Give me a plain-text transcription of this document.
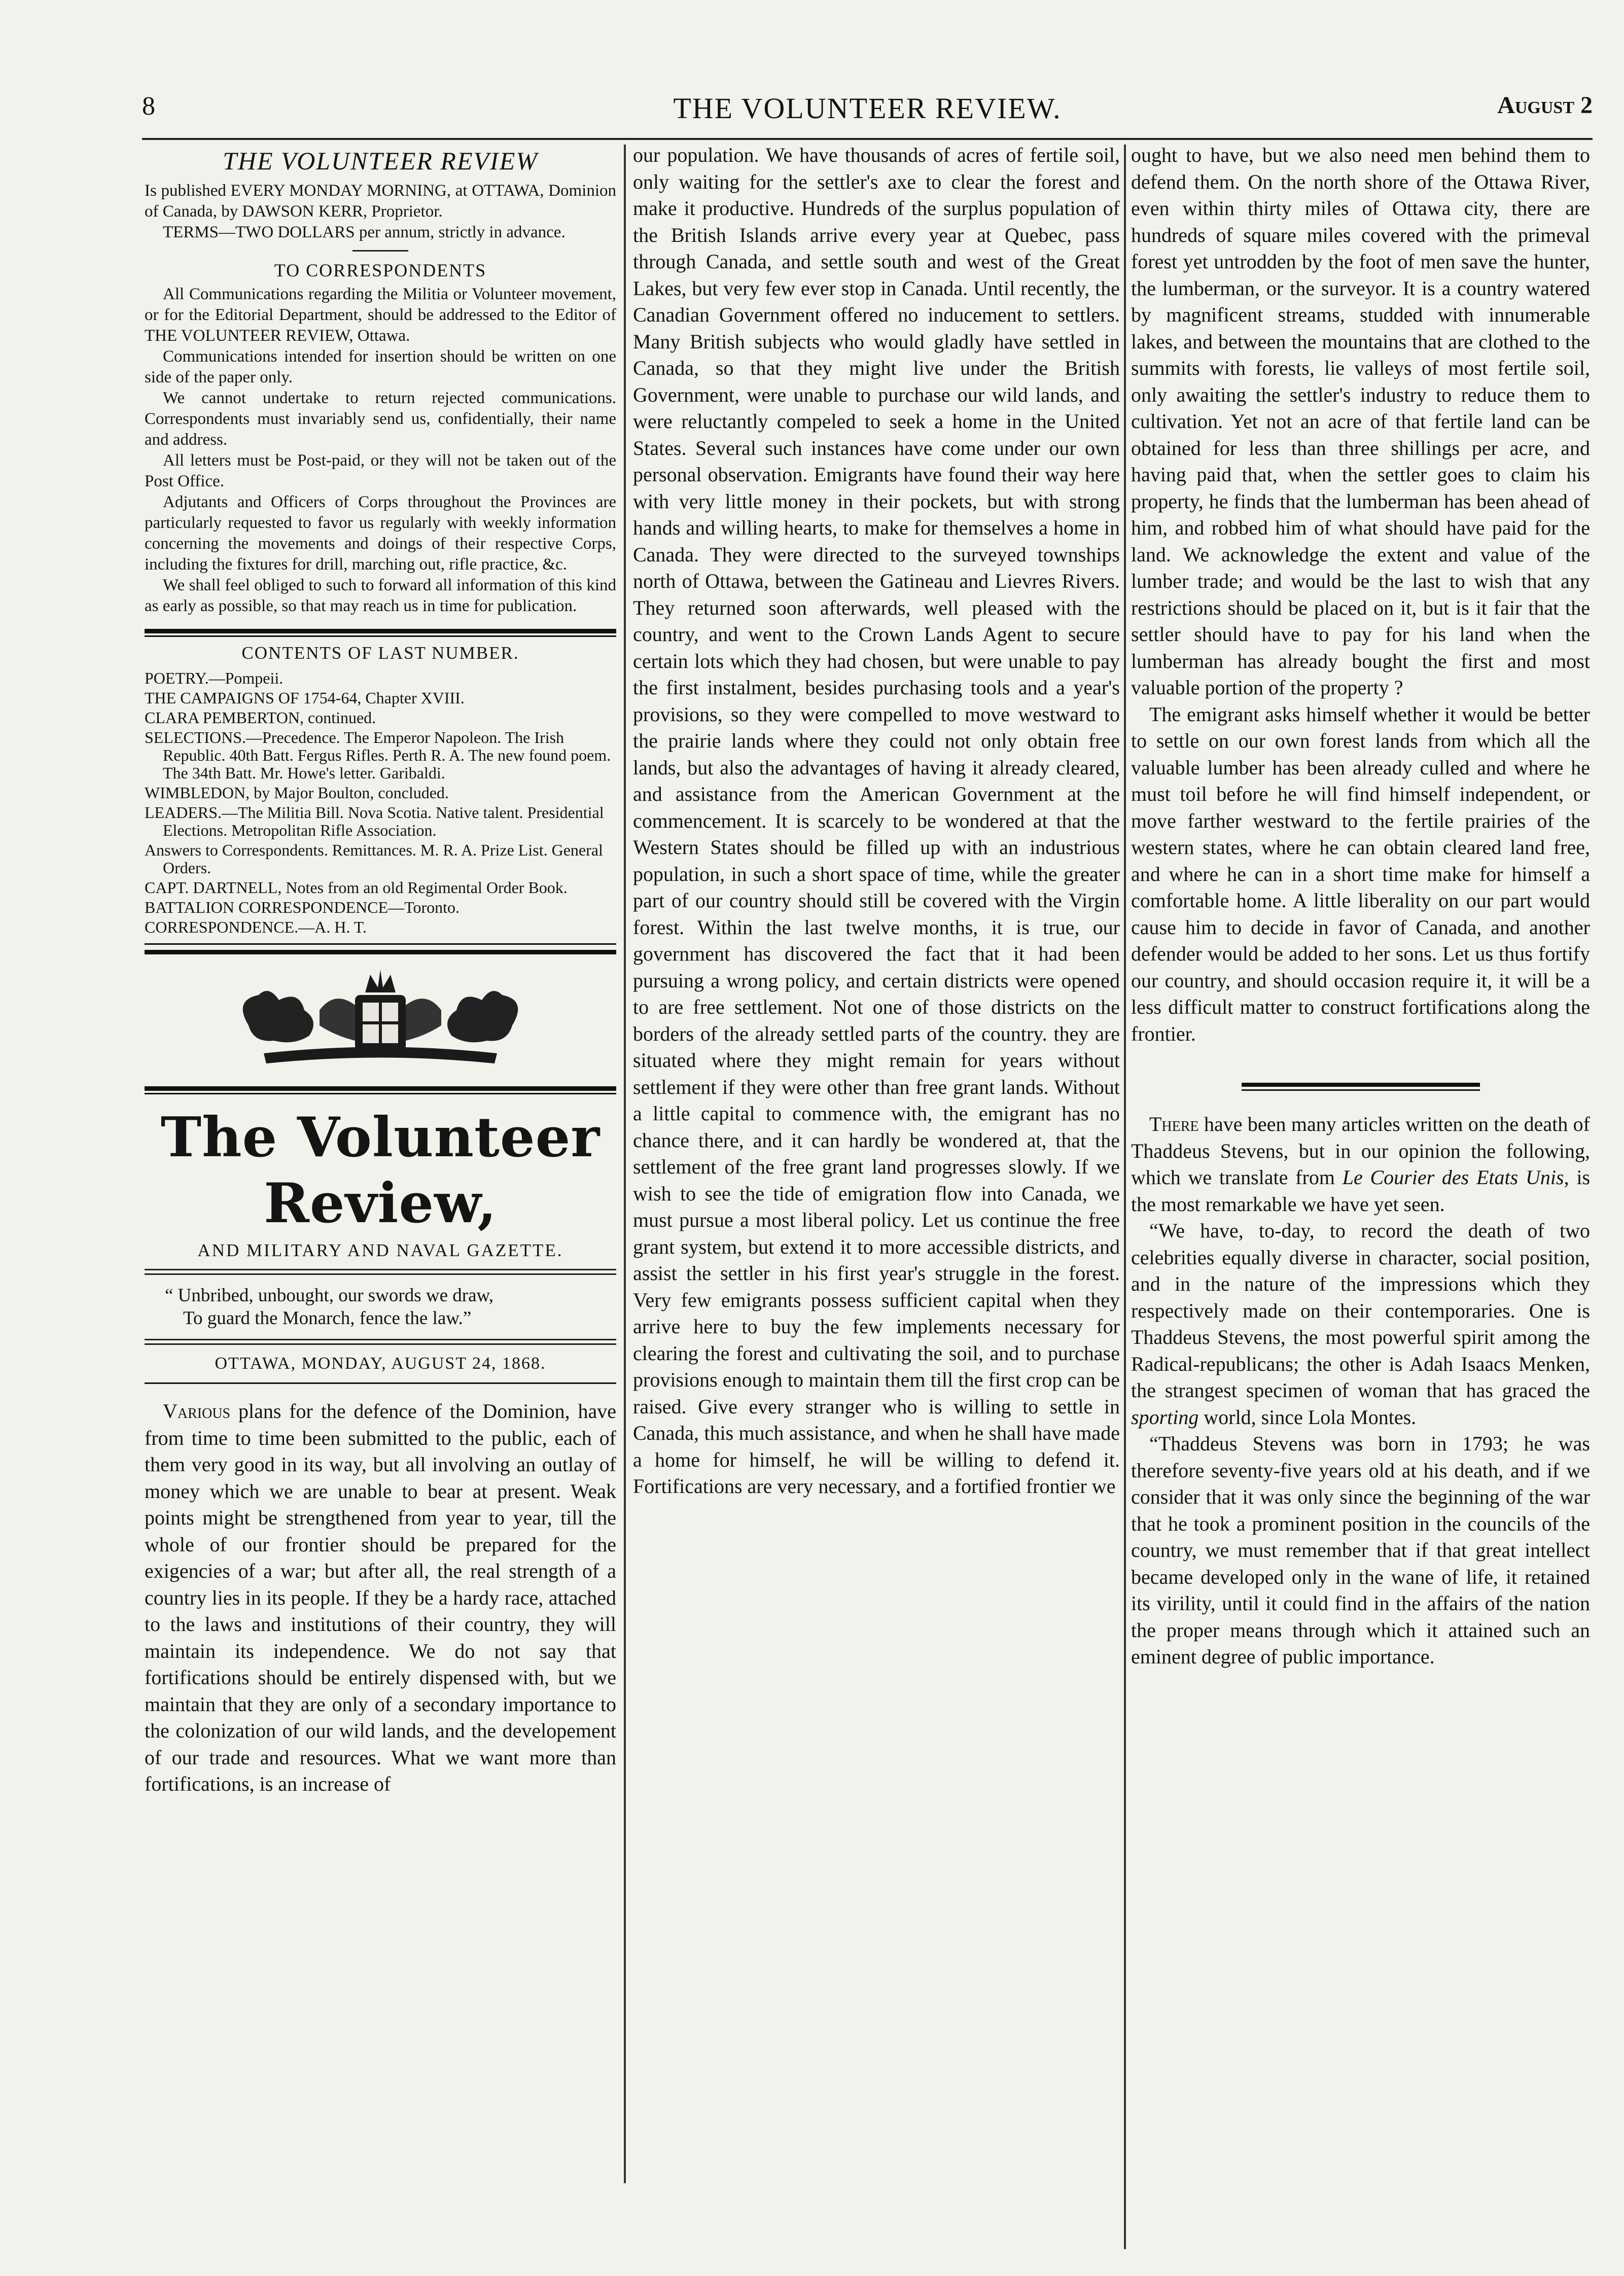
8	THE VOLUNTEER REVIEW.	August 2
THE VOLUNTEER REVIEW

Is published EVERY MONDAY MORNING, at OTTAWA, Dominion of Canada, by DAWSON KERR, Proprietor.

TERMS—TWO DOLLARS per annum, strictly in advance.

TO CORRESPONDENTS

All Communications regarding the Militia or Volunteer movement, or for the Editorial Department, should be addressed to the Editor of THE VOLUNTEER REVIEW, Ottawa.

Communications intended for insertion should be written on one side of the paper only.

We cannot undertake to return rejected communications. Correspondents must invariably send us, confidentially, their name and address.

All letters must be Post-paid, or they will not be taken out of the Post Office.

Adjutants and Officers of Corps throughout the Provinces are particularly requested to favor us regularly with weekly information concerning the movements and doings of their respective Corps, including the fixtures for drill, marching out, rifle practice, &c.

We shall feel obliged to such to forward all information of this kind as early as possible, so that may reach us in time for publication.

CONTENTS OF LAST NUMBER.
POETRY.—Pompeii.
THE CAMPAIGNS OF 1754-64, Chapter XVIII.
CLARA PEMBERTON, continued.
SELECTIONS.—Precedence. The Emperor Napoleon. The Irish Republic. 40th Batt. Fergus Rifles. Perth R. A. The new found poem. The 34th Batt. Mr. Howe's letter. Garibaldi.
WIMBLEDON, by Major Boulton, concluded.
LEADERS.—The Militia Bill. Nova Scotia. Native talent. Presidential Elections. Metropolitan Rifle Association.
Answers to Correspondents. Remittances. M. R. A. Prize List. General Orders.
CAPT. DARTNELL, Notes from an old Regimental Order Book.
BATTALION CORRESPONDENCE—Toronto.
CORRESPONDENCE.—A. H. T.
The Volunteer Review,
AND MILITARY AND NAVAL GAZETTE.
“ Unbribed, unbought, our swords we draw,
To guard the Monarch, fence the law.”
OTTAWA, MONDAY, AUGUST 24, 1868.

Various plans for the defence of the Dominion, have from time to time been submitted to the public, each of them very good in its way, but all involving an outlay of money which we are unable to bear at present. Weak points might be strengthened from year to year, till the whole of our frontier should be prepared for the exigencies of a war; but after all, the real strength of a country lies in its people. If they be a hardy race, attached to the laws and institutions of their country, they will maintain its independence. We do not say that fortifications should be entirely dispensed with, but we maintain that they are only of a secondary importance to the colonization of our wild lands, and the developement of our trade and resources. What we want more than fortifications, is an increase of

our population. We have thousands of acres of fertile soil, only waiting for the settler's axe to clear the forest and make it productive. Hundreds of the surplus population of the British Islands arrive every year at Quebec, pass through Canada, and settle south and west of the Great Lakes, but very few ever stop in Canada. Until recently, the Canadian Government offered no inducement to settlers. Many British subjects who would gladly have settled in Canada, so that they might live under the British Government, were unable to purchase our wild lands, and were reluctantly compeled to seek a home in the United States. Several such instances have come under our own personal observation. Emigrants have found their way here with very little money in their pockets, but with strong hands and willing hearts, to make for themselves a home in Canada. They were directed to the surveyed townships north of Ottawa, between the Gatineau and Lievres Rivers. They returned soon afterwards, well pleased with the country, and went to the Crown Lands Agent to secure certain lots which they had chosen, but were unable to pay the first instalment, besides purchasing tools and a year's provisions, so they were compelled to move westward to the prairie lands where they could not only obtain free lands, but also the advantages of having it already cleared, and assistance from the American Government at the commencement. It is scarcely to be wondered at that the Western States should be filled up with an industrious population, in such a short space of time, while the greater part of our country should still be covered with the Virgin forest. Within the last twelve months, it is true, our government has discovered the fact that it had been pursuing a wrong policy, and certain districts were opened to are free settlement. Not one of those districts on the borders of the already settled parts of the country. they are situated where they might remain for years without settlement if they were other than free grant lands. Without a little capital to commence with, the emigrant has no chance there, and it can hardly be wondered at, that the settlement of the free grant land progresses slowly. If we wish to see the tide of emigration flow into Canada, we must pursue a most liberal policy. Let us continue the free grant system, but extend it to more accessible districts, and assist the settler in his first year's struggle in the forest. Very few emigrants possess sufficient capital when they arrive here to buy the few implements necessary for clearing the forest and cultivating the soil, and to purchase provisions enough to maintain them till the first crop can be raised. Give every stranger who is willing to settle in Canada, this much assistance, and when he shall have made a home for himself, he will be willing to defend it. Fortifications are very necessary, and a fortified frontier we

ought to have, but we also need men behind them to defend them. On the north shore of the Ottawa River, even within thirty miles of Ottawa city, there are hundreds of square miles covered with the primeval forest yet untrodden by the foot of men save the hunter, the lumberman, or the surveyor. It is a country watered by magnificent streams, studded with innumerable lakes, and between the mountains that are clothed to the summits with forests, lie valleys of most fertile soil, only awaiting the settler's industry to reduce them to cultivation. Yet not an acre of that fertile land can be obtained for less than three shillings per acre, and having paid that, when the settler goes to claim his property, he finds that the lumberman has been ahead of him, and robbed him of what should have paid for the land. We acknowledge the extent and value of the lumber trade; and would be the last to wish that any restrictions should be placed on it, but is it fair that the settler should have to pay for his land when the lumberman has already bought the first and most valuable portion of the property ?

The emigrant asks himself whether it would be better to settle on our own forest lands from which all the valuable lumber has been already culled and where he must toil before he will find himself independent, or move farther westward to the fertile prairies of the western states, where he can obtain cleared land free, and where he can in a short time make for himself a comfortable home. A little liberality on our part would cause him to decide in favor of Canada, and another defender would be added to her sons. Let us thus fortify our country, and should occasion require it, it will be a less difficult matter to construct fortifications along the frontier.

There have been many articles written on the death of Thaddeus Stevens, but in our opinion the following, which we translate from Le Courier des Etats Unis, is the most remarkable we have yet seen.

“We have, to-day, to record the death of two celebrities equally diverse in character, social position, and in the nature of the impressions which they respectively made on their contemporaries. One is Thaddeus Stevens, the most powerful spirit among the Radical-republicans; the other is Adah Isaacs Menken, the strangest specimen of woman that has graced the sporting world, since Lola Montes.

“Thaddeus Stevens was born in 1793; he was therefore seventy-five years old at his death, and if we consider that it was only since the beginning of the war that he took a prominent position in the councils of the country, we must remember that if that great intellect became developed only in the wane of life, it retained its virility, until it could find in the affairs of the nation the proper means through which it attained such an eminent degree of public importance.
